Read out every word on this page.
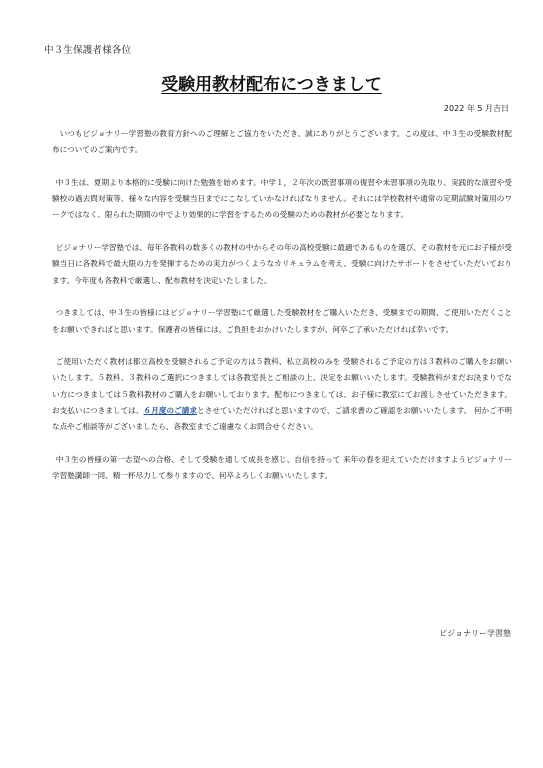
中３生保護者様各位
受験用教材配布につきまして
2022 年 5 月吉日

いつもビジョナリー学習塾の教育方針へのご理解とご協力をいただき、誠にありがとうございます。この度は、中３生の受験教材配布についてのご案内です。

中３生は、夏期より本格的に受験に向けた勉強を始めます。中学１，２年次の既習事項の復習や未習事項の先取り、実践的な演習や受験校の過去問対策等、様々な内容を受験当日までにこなしていかなければなりません。それには学校教材や通常の定期試験対策用のワークではなく、限られた期間の中でより効果的に学習をするための受験のための教材が必要となります。

ビジョナリー学習塾では、毎年各教科の数多くの教材の中からその年の高校受験に最適であるものを選び、その教材を元にお子様が受験当日に各教科で最大限の力を発揮するための実力がつくようなカリキュラムを考え、受験に向けたサポートをさせていただいております。今年度も各教科で厳選し、配布教材を決定いたしました。

つきましては、中３生の皆様にはビジョナリー学習塾にて厳選した受験教材をご購入いただき、受験までの期間、ご使用いただくことをお願いできればと思います。保護者の皆様には、ご負担をおかけいたしますが、何卒ご了承いただければ幸いです。

ご使用いただく教材は都立高校を受験されるご予定の方は５教科、私立高校のみを 受験されるご予定の方は３教科のご購入をお願いいたします。５教科、３教科のご選択につきましては各教室長とご相談の上、決定をお願いいたします。受験教科がまだお決まりでない方につきましては５教科教材のご購入をお願いしております。配布につきましては、お子様に教室にてお渡しさせていただきます。お支払いにつきましては、６月度のご請求とさせていただければと思いますので、ご請求書のご確認をお願いいたします。 何かご不明な点やご相談等がございましたら、各教室までご遠慮なくお問合せください。

中３生の皆様の第一志望への合格、そして受験を通して成長を感じ、自信を持って 来年の春を迎えていただけますようビジョナリー学習塾講師一同、精一杯尽力して参りますので、何卒よろしくお願いいたします。

ビジョナリー学習塾
